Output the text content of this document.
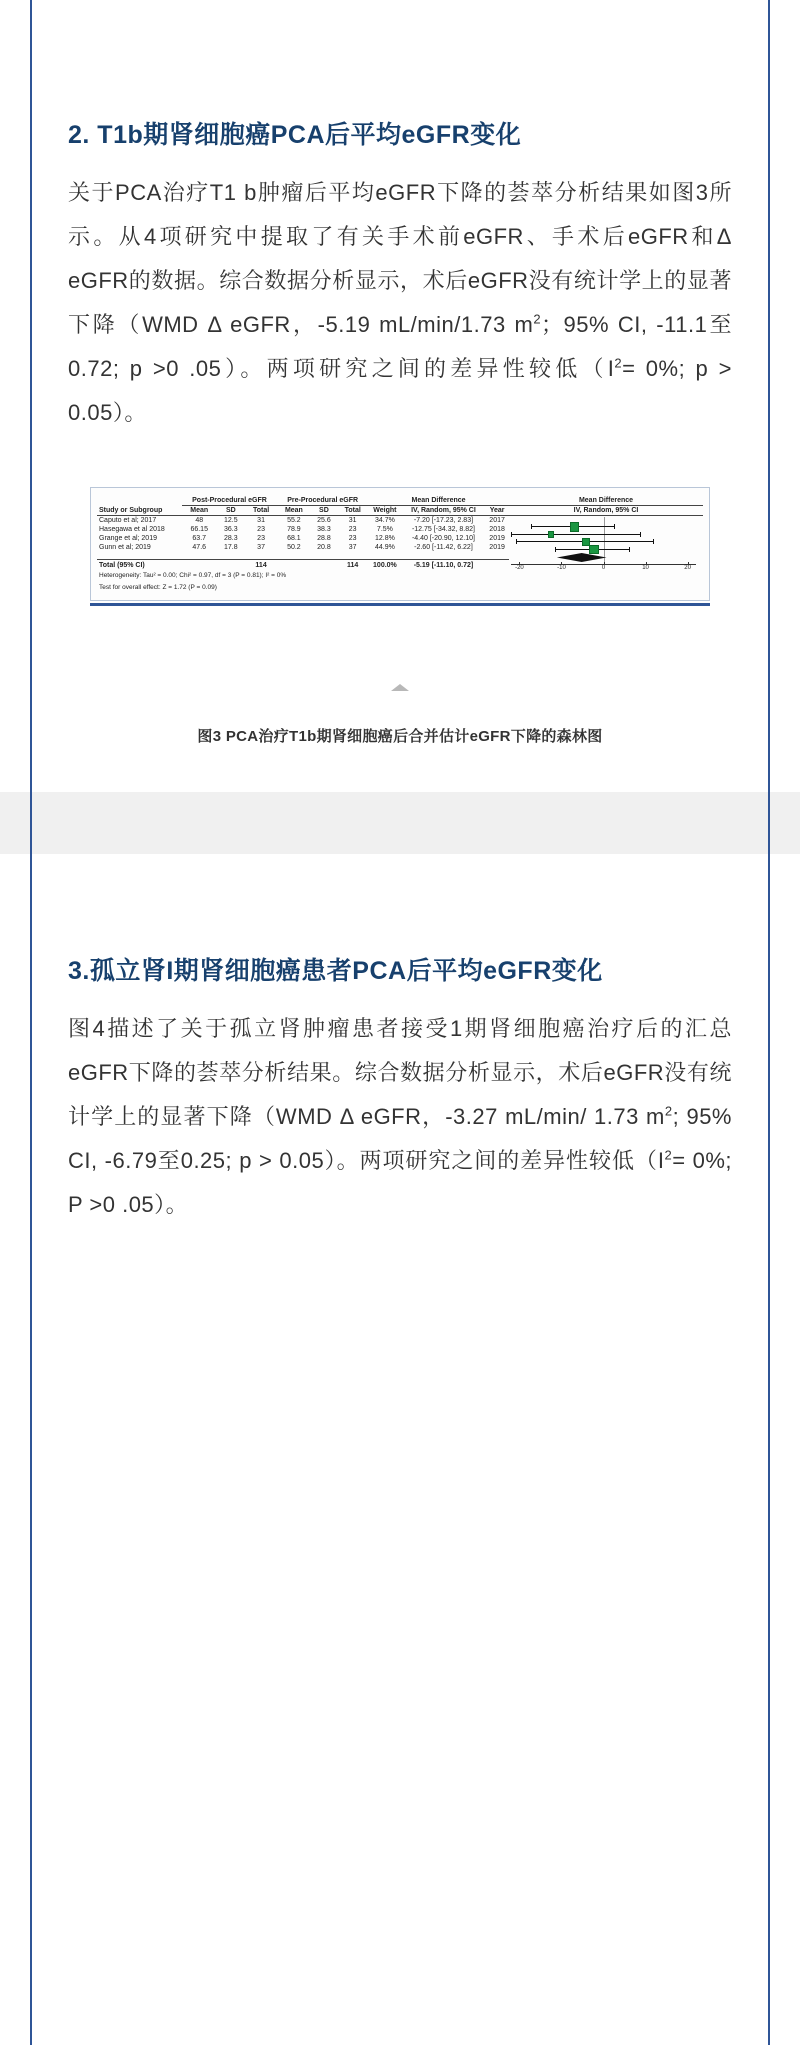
2. T1b期肾细胞癌PCA后平均eGFR变化

关于PCA治疗T1 b肿瘤后平均eGFR下降的荟萃分析结果如图3所示。从4项研究中提取了有关手术前eGFR、手术后eGFR和Δ eGFR的数据。综合数据分析显示，术后eGFR没有统计学上的显著下降（WMD Δ eGFR，-5.19 mL/min/1.73 $m^2$；95% CI, -11.1至0.72; p >0 .05）。两项研究之间的差异性较低（$I^2= 0\%$; p > 0.05）。

	Post-Procedural eGFR			Pre-Procedural eGFR			Mean Difference			Mean Difference
Study or Subgroup	Mean	SD	Total	Mean	SD	Total	Weight	IV, Random, 95% CI	Year	IV, Random, 95% CI
Caputo et al; 2017	48	12.5	31	55.2	25.6	31	34.7%	-7.20 [-17.23, 2.83]	2017	-20 -10 0 10 20

Hasegawa et al 2018	66.15	36.3	23	78.9	38.3	23	7.5%	-12.75 [-34.32, 8.82]	2018	
Grange et al; 2019	63.7	28.3	23	68.1	28.8	23	12.8%	-4.40 [-20.90, 12.10]	2019	
Gunn et al; 2019	47.6	17.8	37	50.2	20.8	37	44.9%	-2.60 [-11.42, 6.22]	2019	

Total (95% CI)			114			114	100.0%	-5.19 [-11.10, 0.72]		
Heterogeneity: Tau² = 0.00; Chi² = 0.97, df = 3 (P = 0.81); I² = 0%										
Test for overall effect: Z = 1.72 (P = 0.09)										
图3 PCA治疗T1b期肾细胞癌后合并估计eGFR下降的森林图
3.孤立肾I期肾细胞癌患者PCA后平均eGFR变化

图4描述了关于孤立肾肿瘤患者接受1期肾细胞癌治疗后的汇总eGFR下降的荟萃分析结果。综合数据分析显示，术后eGFR没有统计学上的显著下降（WMD Δ eGFR，-3.27 mL/min/ 1.73 $m^2$; 95% CI, -6.79至0.25; p > 0.05）。两项研究之间的差异性较低（$I^2= 0\%$; P >0 .05）。
